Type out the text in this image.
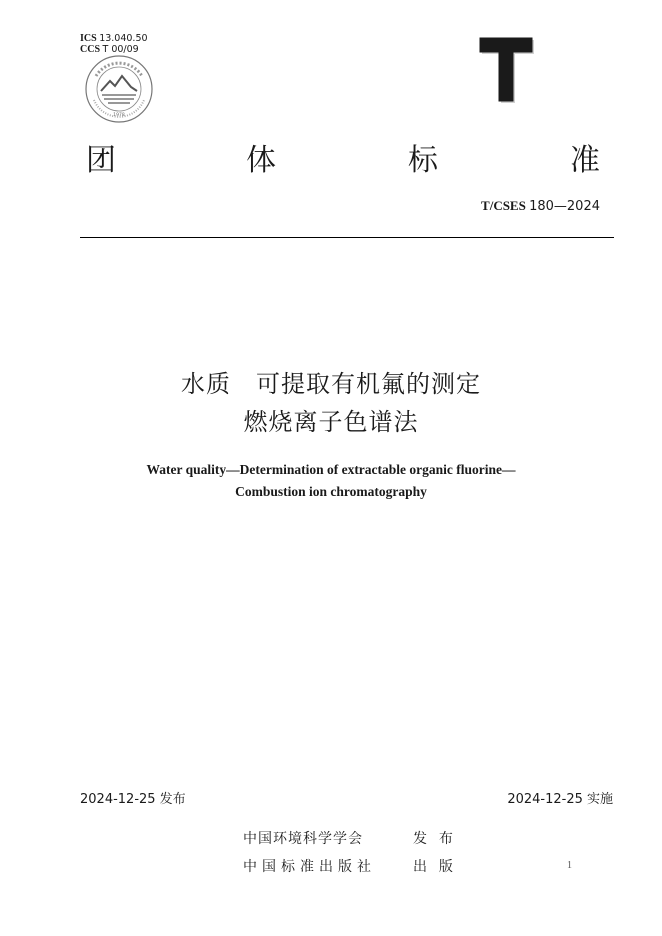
ICS 13.040.50
CCS T 00/09
1978
团	体	标	准
T/CSES 180—2024
水质　可提取有机氟的测定
燃烧离子色谱法
Water quality—Determination of extractable organic fluorine—
Combustion ion chromatography
2024-12-25 发布	2024-12-25 实施
中国环境科学学会	发  布
中国标准出版社	出  版	1
